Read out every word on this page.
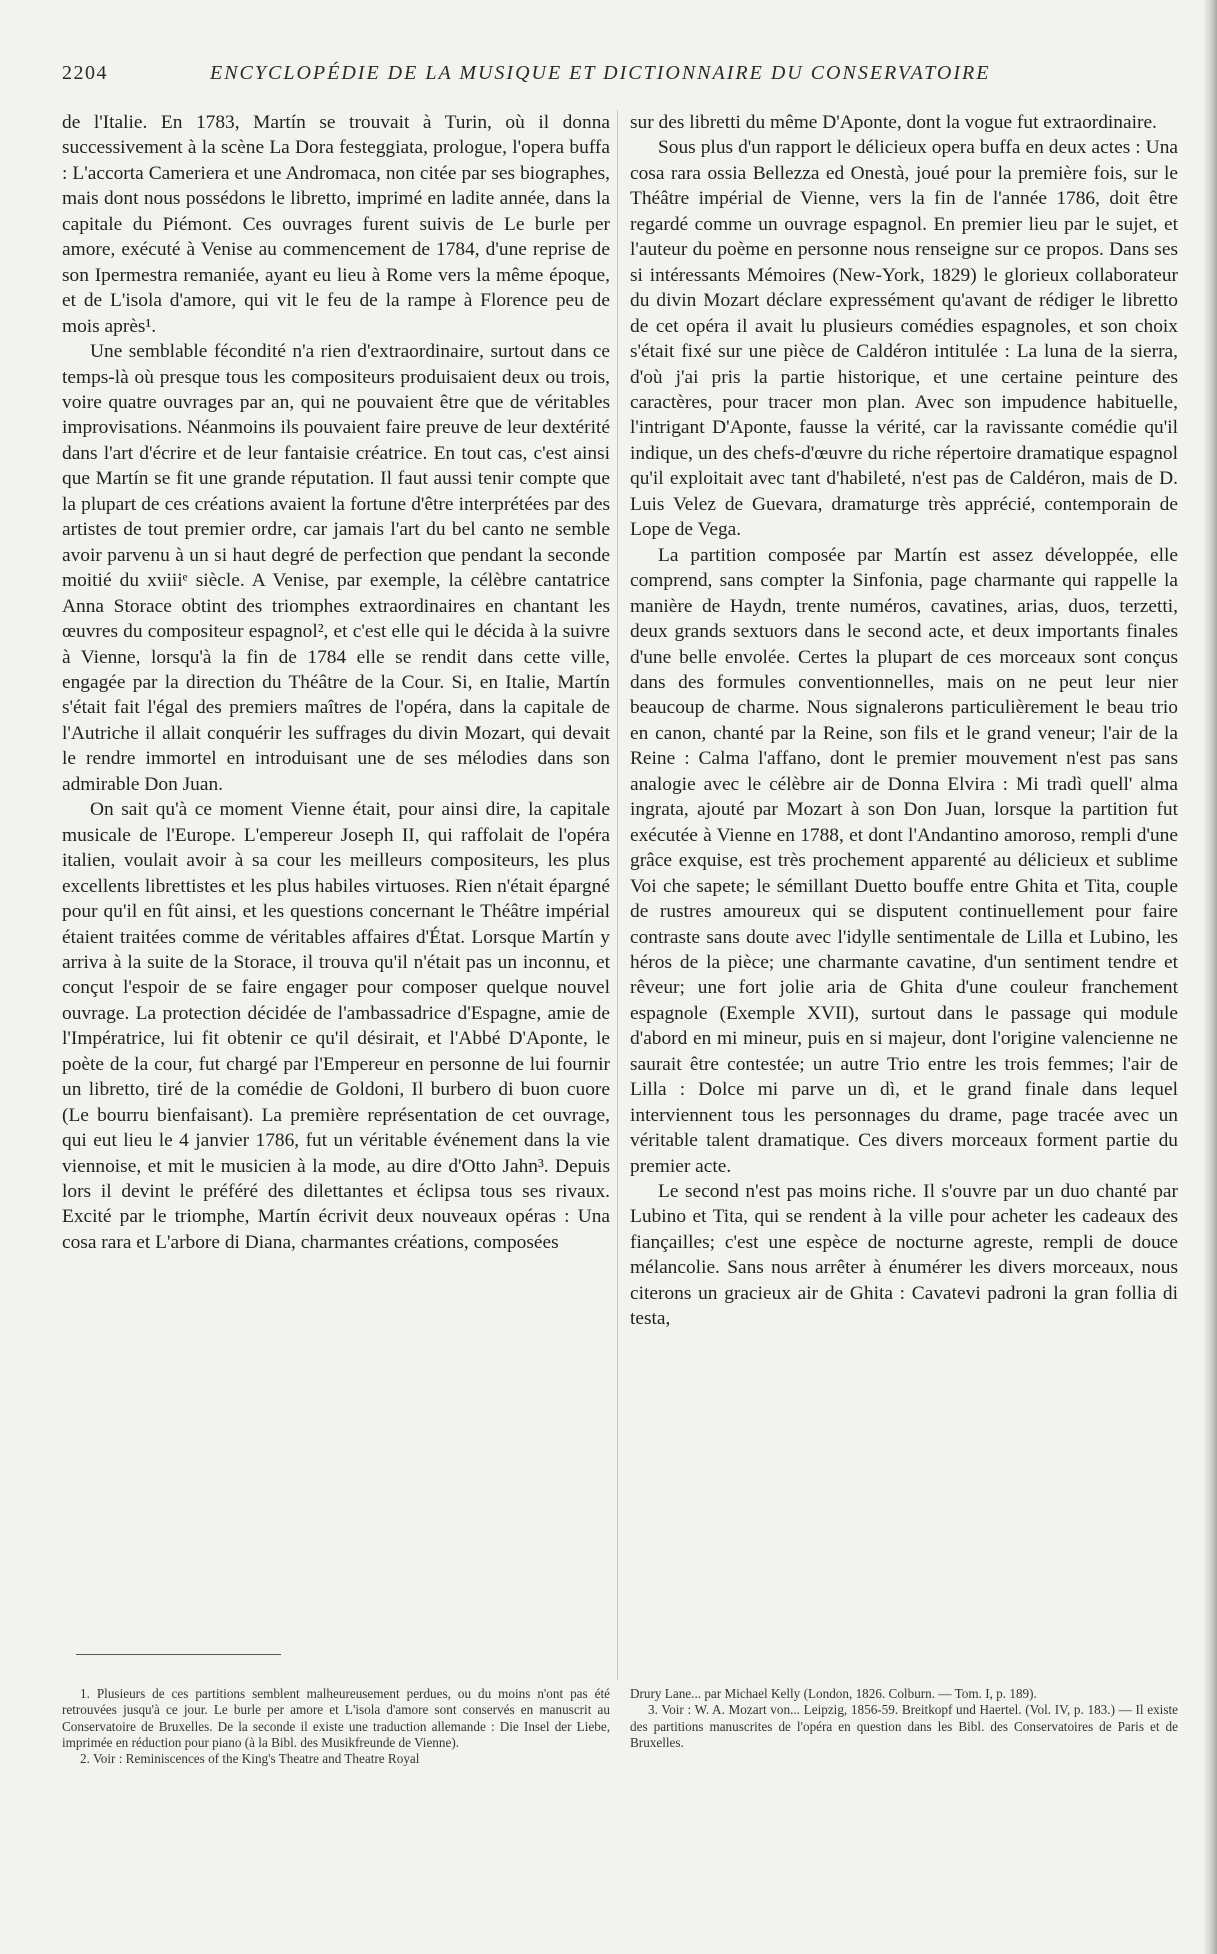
2204	ENCYCLOPÉDIE DE LA MUSIQUE ET DICTIONNAIRE DU CONSERVATOIRE

de l'Italie. En 1783, Martín se trouvait à Turin, où il donna successivement à la scène La Dora festeggiata, prologue, l'opera buffa : L'accorta Cameriera et une Andromaca, non citée par ses biographes, mais dont nous possédons le libretto, imprimé en ladite année, dans la capitale du Piémont. Ces ouvrages furent suivis de Le burle per amore, exécuté à Venise au commencement de 1784, d'une reprise de son Ipermestra remaniée, ayant eu lieu à Rome vers la même époque, et de L'isola d'amore, qui vit le feu de la rampe à Florence peu de mois après¹.

Une semblable fécondité n'a rien d'extraordinaire, surtout dans ce temps-là où presque tous les compositeurs produisaient deux ou trois, voire quatre ouvrages par an, qui ne pouvaient être que de véritables improvisations. Néanmoins ils pouvaient faire preuve de leur dextérité dans l'art d'écrire et de leur fantaisie créatrice. En tout cas, c'est ainsi que Martín se fit une grande réputation. Il faut aussi tenir compte que la plupart de ces créations avaient la fortune d'être interprétées par des artistes de tout premier ordre, car jamais l'art du bel canto ne semble avoir parvenu à un si haut degré de perfection que pendant la seconde moitié du xviiiᵉ siècle. A Venise, par exemple, la célèbre cantatrice Anna Storace obtint des triomphes extraordinaires en chantant les œuvres du compositeur espagnol², et c'est elle qui le décida à la suivre à Vienne, lorsqu'à la fin de 1784 elle se rendit dans cette ville, engagée par la direction du Théâtre de la Cour. Si, en Italie, Martín s'était fait l'égal des premiers maîtres de l'opéra, dans la capitale de l'Autriche il allait conquérir les suffrages du divin Mozart, qui devait le rendre immortel en introduisant une de ses mélodies dans son admirable Don Juan.

On sait qu'à ce moment Vienne était, pour ainsi dire, la capitale musicale de l'Europe. L'empereur Joseph II, qui raffolait de l'opéra italien, voulait avoir à sa cour les meilleurs compositeurs, les plus excellents librettistes et les plus habiles virtuoses. Rien n'était épargné pour qu'il en fût ainsi, et les questions concernant le Théâtre impérial étaient traitées comme de véritables affaires d'État. Lorsque Martín y arriva à la suite de la Storace, il trouva qu'il n'était pas un inconnu, et conçut l'espoir de se faire engager pour composer quelque nouvel ouvrage. La protection décidée de l'ambassadrice d'Espagne, amie de l'Impératrice, lui fit obtenir ce qu'il désirait, et l'Abbé D'Aponte, le poète de la cour, fut chargé par l'Empereur en personne de lui fournir un libretto, tiré de la comédie de Goldoni, Il burbero di buon cuore (Le bourru bienfaisant). La première représentation de cet ouvrage, qui eut lieu le 4 janvier 1786, fut un véritable événement dans la vie viennoise, et mit le musicien à la mode, au dire d'Otto Jahn³. Depuis lors il devint le préféré des dilettantes et éclipsa tous ses rivaux. Excité par le triomphe, Martín écrivit deux nouveaux opéras : Una cosa rara et L'arbore di Diana, charmantes créations, composées

sur des libretti du même D'Aponte, dont la vogue fut extraordinaire.

Sous plus d'un rapport le délicieux opera buffa en deux actes : Una cosa rara ossia Bellezza ed Onestà, joué pour la première fois, sur le Théâtre impérial de Vienne, vers la fin de l'année 1786, doit être regardé comme un ouvrage espagnol. En premier lieu par le sujet, et l'auteur du poème en personne nous renseigne sur ce propos. Dans ses si intéressants Mémoires (New-York, 1829) le glorieux collaborateur du divin Mozart déclare expressément qu'avant de rédiger le libretto de cet opéra il avait lu plusieurs comédies espagnoles, et son choix s'était fixé sur une pièce de Caldéron intitulée : La luna de la sierra, d'où j'ai pris la partie historique, et une certaine peinture des caractères, pour tracer mon plan. Avec son impudence habituelle, l'intrigant D'Aponte, fausse la vérité, car la ravissante comédie qu'il indique, un des chefs-d'œuvre du riche répertoire dramatique espagnol qu'il exploitait avec tant d'habileté, n'est pas de Caldéron, mais de D. Luis Velez de Guevara, dramaturge très apprécié, contemporain de Lope de Vega.

La partition composée par Martín est assez développée, elle comprend, sans compter la Sinfonia, page charmante qui rappelle la manière de Haydn, trente numéros, cavatines, arias, duos, terzetti, deux grands sextuors dans le second acte, et deux importants finales d'une belle envolée. Certes la plupart de ces morceaux sont conçus dans des formules conventionnelles, mais on ne peut leur nier beaucoup de charme. Nous signalerons particulièrement le beau trio en canon, chanté par la Reine, son fils et le grand veneur; l'air de la Reine : Calma l'affano, dont le premier mouvement n'est pas sans analogie avec le célèbre air de Donna Elvira : Mi tradì quell' alma ingrata, ajouté par Mozart à son Don Juan, lorsque la partition fut exécutée à Vienne en 1788, et dont l'Andantino amoroso, rempli d'une grâce exquise, est très prochement apparenté au délicieux et sublime Voi che sapete; le sémillant Duetto bouffe entre Ghita et Tita, couple de rustres amoureux qui se disputent continuellement pour faire contraste sans doute avec l'idylle sentimentale de Lilla et Lubino, les héros de la pièce; une charmante cavatine, d'un sentiment tendre et rêveur; une fort jolie aria de Ghita d'une couleur franchement espagnole (Exemple XVII), surtout dans le passage qui module d'abord en mi mineur, puis en si majeur, dont l'origine valencienne ne saurait être contestée; un autre Trio entre les trois femmes; l'air de Lilla : Dolce mi parve un dì, et le grand finale dans lequel interviennent tous les personnages du drame, page tracée avec un véritable talent dramatique. Ces divers morceaux forment partie du premier acte.

Le second n'est pas moins riche. Il s'ouvre par un duo chanté par Lubino et Tita, qui se rendent à la ville pour acheter les cadeaux des fiançailles; c'est une espèce de nocturne agreste, rempli de douce mélancolie. Sans nous arrêter à énumérer les divers morceaux, nous citerons un gracieux air de Ghita : Cavatevi padroni la gran follia di testa,

1. Plusieurs de ces partitions semblent malheureusement perdues, ou du moins n'ont pas été retrouvées jusqu'à ce jour. Le burle per amore et L'isola d'amore sont conservés en manuscrit au Conservatoire de Bruxelles. De la seconde il existe une traduction allemande : Die Insel der Liebe, imprimée en réduction pour piano (à la Bibl. des Musikfreunde de Vienne).

2. Voir : Reminiscences of the King's Theatre and Theatre Royal

Drury Lane... par Michael Kelly (London, 1826. Colburn. — Tom. I, p. 189).

3. Voir : W. A. Mozart von... Leipzig, 1856-59. Breitkopf und Haertel. (Vol. IV, p. 183.) — Il existe des partitions manuscrites de l'opéra en question dans les Bibl. des Conservatoires de Paris et de Bruxelles.
